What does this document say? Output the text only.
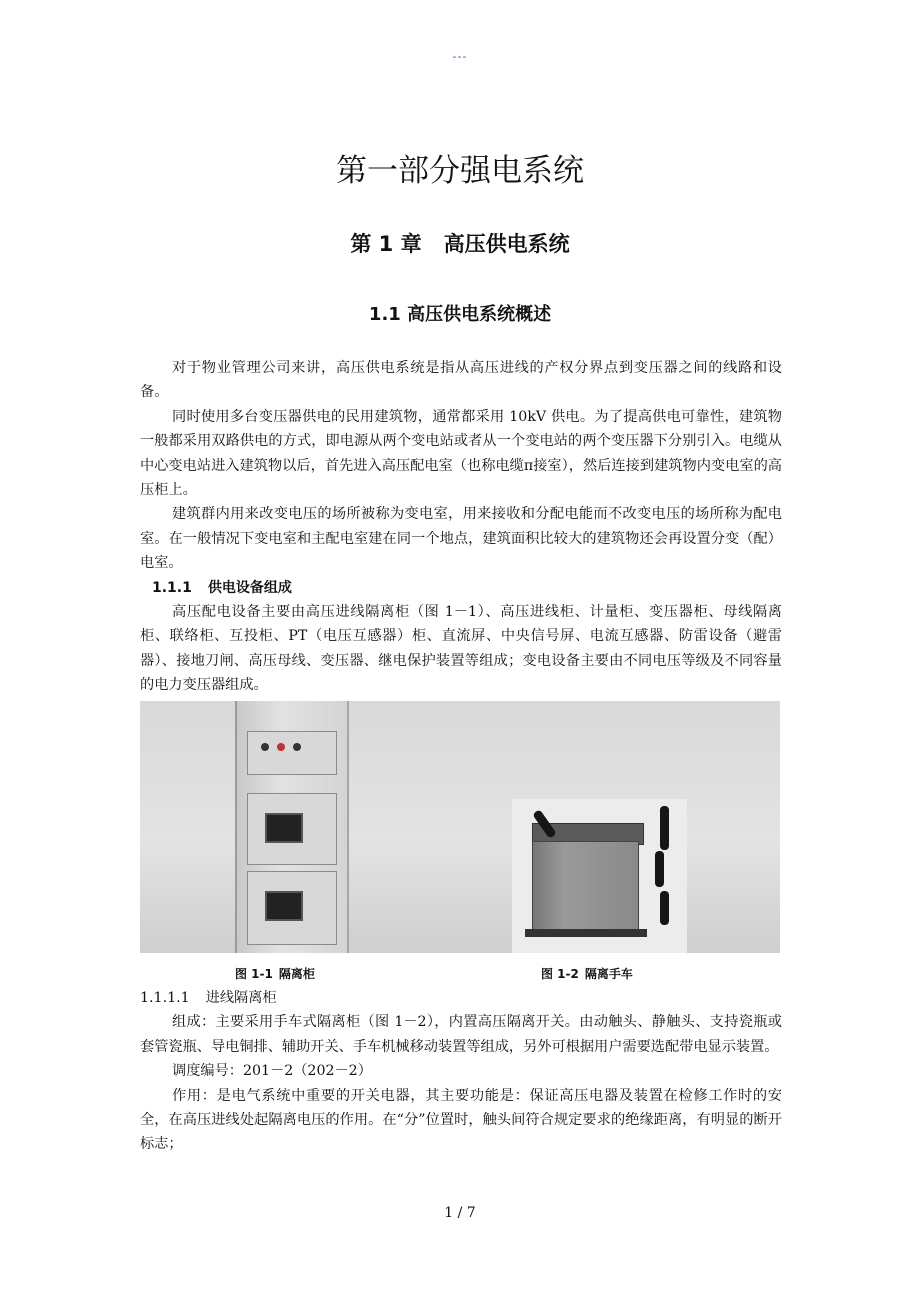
---
第一部分强电系统
第 1 章 高压供电系统
1.1 高压供电系统概述

对于物业管理公司来讲，高压供电系统是指从高压进线的产权分界点到变压器之间的线路和设备。

同时使用多台变压器供电的民用建筑物，通常都采用 10kV 供电。为了提高供电可靠性，建筑物一般都采用双路供电的方式，即电源从两个变电站或者从一个变电站的两个变压器下分别引入。电缆从中心变电站进入建筑物以后，首先进入高压配电室（也称电缆π接室），然后连接到建筑物内变电室的高压柜上。

建筑群内用来改变电压的场所被称为变电室，用来接收和分配电能而不改变电压的场所称为配电室。在一般情况下变电室和主配电室建在同一个地点，建筑面积比较大的建筑物还会再设置分变（配）电室。

1.1.1 供电设备组成

高压配电设备主要由高压进线隔离柜（图 1－1）、高压进线柜、计量柜、变压器柜、母线隔离柜、联络柜、互投柜、PT（电压互感器）柜、直流屏、中央信号屏、电流互感器、防雷设备（避雷器）、接地刀闸、高压母线、变压器、继电保护装置等组成；变电设备主要由不同电压等级及不同容量的电力变压器组成。

图 1-1 隔离柜	图 1-2 隔离手车
1.1.1.1 进线隔离柜

组成：主要采用手车式隔离柜（图 1－2），内置高压隔离开关。由动触头、静触头、支持瓷瓶或套管瓷瓶、导电铜排、辅助开关、手车机械移动装置等组成，另外可根据用户需要选配带电显示装置。

调度编号：201－2（202－2）

作用：是电气系统中重要的开关电器，其主要功能是：保证高压电器及装置在检修工作时的安全，在高压进线处起隔离电压的作用。在“分”位置时，触头间符合规定要求的绝缘距离，有明显的断开标志；

1 / 7
